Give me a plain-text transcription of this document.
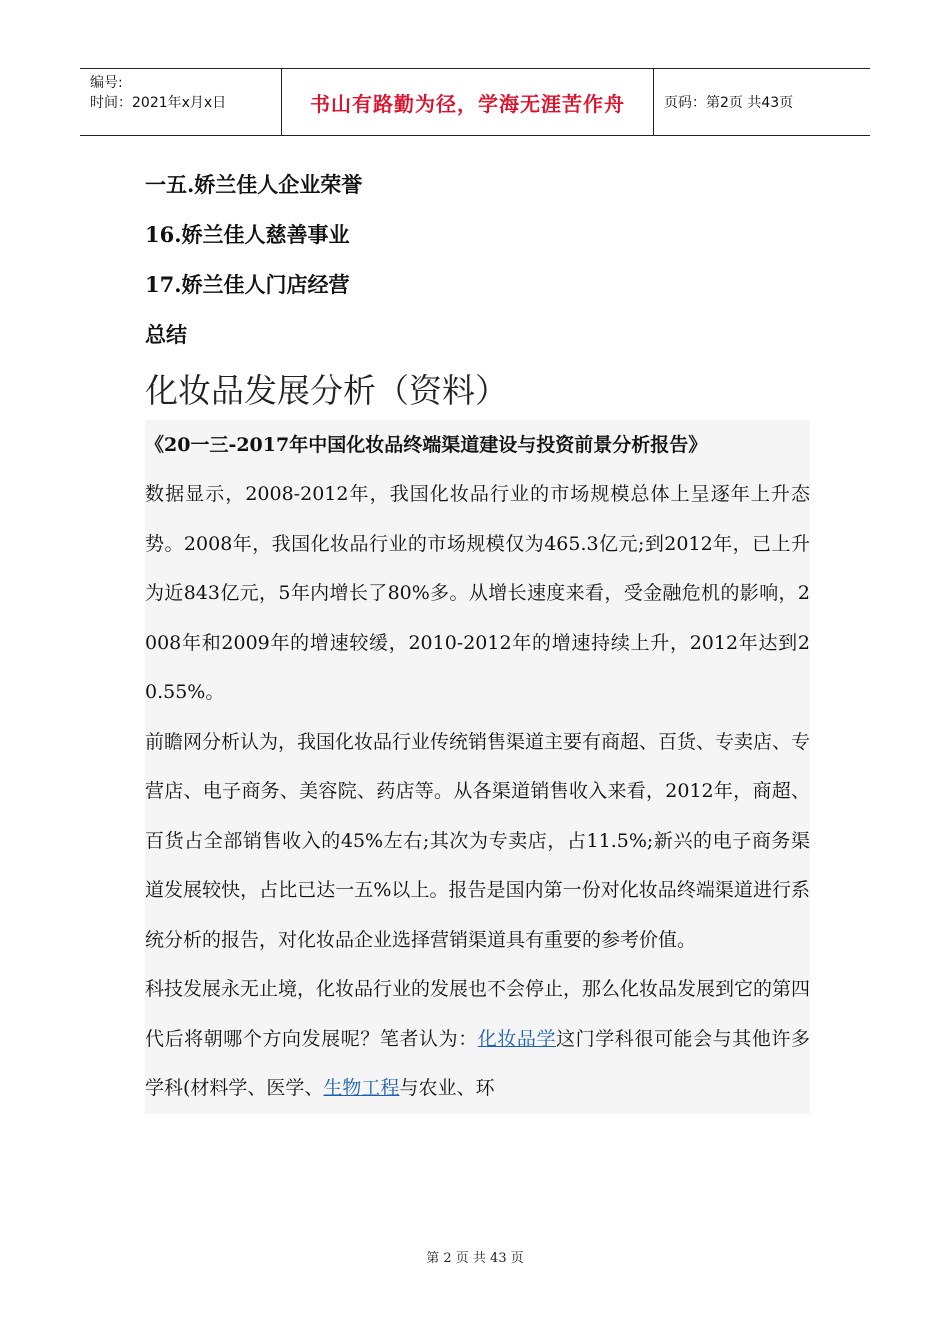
编号:
时间：2021年x月x日	书山有路勤为径，学海无涯苦作舟	页码：第2页 共43页
一五.娇兰佳人企业荣誉
16.娇兰佳人慈善事业
17.娇兰佳人门店经营
总结
化妆品发展分析（资料）
《20一三-2017年中国化妆品终端渠道建设与投资前景分析报告》
数据显示，2008-2012年，我国化妆品行业的市场规模总体上呈逐年上升态势。2008年，我国化妆品行业的市场规模仅为465.3亿元;到2012年，已上升为近843亿元，5年内增长了80%多。从增长速度来看，受金融危机的影响，2008年和2009年的增速较缓，2010-2012年的增速持续上升，2012年达到20.55%。
前瞻网分析认为，我国化妆品行业传统销售渠道主要有商超、百货、专卖店、专营店、电子商务、美容院、药店等。从各渠道销售收入来看，2012年，商超、百货占全部销售收入的45%左右;其次为专卖店，占11.5%;新兴的电子商务渠道发展较快，占比已达一五%以上。报告是国内第一份对化妆品终端渠道进行系统分析的报告，对化妆品企业选择营销渠道具有重要的参考价值。
科技发展永无止境，化妆品行业的发展也不会停止，那么化妆品发展到它的第四代后将朝哪个方向发展呢？笔者认为：化妆品学这门学科很可能会与其他许多学科(材料学、医学、生物工程与农业、环
第 2 页 共 43 页
